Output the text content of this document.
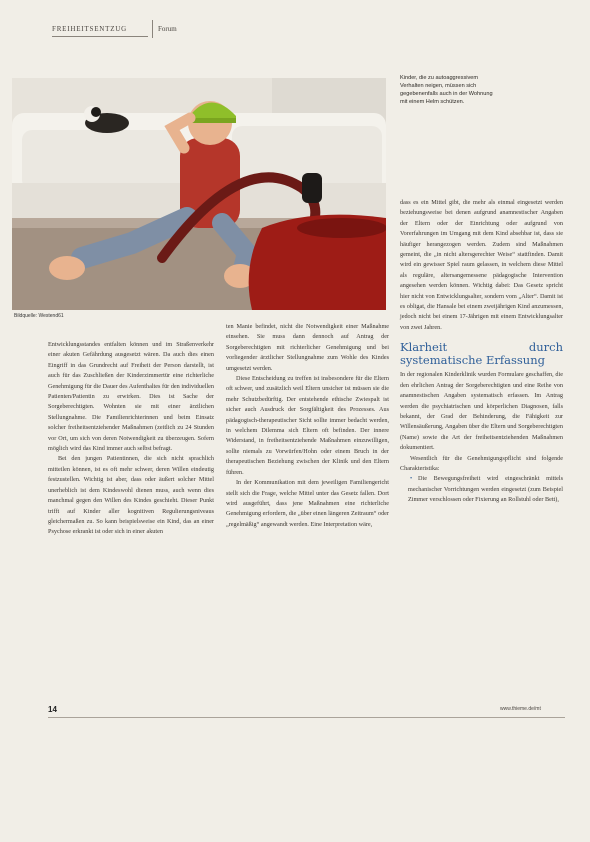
FREIHEITSENTZUG	Forum
Bildquelle: Westend61
Kinder, die zu autoaggressivem Verhalten neigen, müssen sich gegebenenfalls auch in der Wohnung mit einem Helm schützen.

Entwicklungsstandes entfalten können und im Straßenverkehr einer akuten Gefährdung ausgesetzt wären. Da auch dies einen Eingriff in das Grundrecht auf Freiheit der Person darstellt, ist auch für das Zuschließen der Kinderzimmertür eine richterliche Genehmigung für die Dauer des Aufenthaltes für den individuellen Patienten/Patientin zu erwirken. Dies ist Sache der Sorgeberechtigten. Wohnten sie mit einer ärztlichen Stellungnahme. Die Familienrichterinnen und beim Einsatz solcher freiheitsentziehender Maßnahmen (zeitlich zu 24 Stunden vor Ort, um sich von deren Notwendigkeit zu überzeugen. Sofern möglich wird das Kind immer auch selbst befragt.

Bei den jungen Patientinnen, die sich nicht sprachlich mitteilen können, ist es oft mehr schwer, deren Willen eindeutig festzustellen. Wichtig ist aber, dass oder äußert solcher Mittel unerheblich ist dem Kindeswohl dienen muss, auch wenn dies manchmal gegen den Willen des Kindes geschieht. Dieser Punkt trifft auf Kinder aller kognitiven Regulierungsniveaus gleichermaßen zu. So kann beispielsweise ein Kind, das an einer Psychose erkrankt ist oder sich in einer akuten

ten Manie befindet, nicht die Notwendigkeit einer Maßnahme einsehen. Sie muss dann dennoch auf Antrag der Sorgeberechtigten mit richterlicher Genehmigung und bei vorliegender ärztlicher Stellungnahme zum Wohle des Kindes umgesetzt werden.

Diese Entscheidung zu treffen ist insbesondere für die Eltern oft schwer, und zusätzlich weil Eltern unsicher ist müssen sie die mehr Schutzbedürftig. Der entstehende ethische Zwiespalt ist sicher auch Ausdruck der Sorgfältigkeit des Prozesses. Aus pädagogisch-therapeutischer Sicht sollte immer bedacht werden, in welchem Dilemma sich Eltern oft befinden. Der innere Widerstand, in freiheitsentziehende Maßnahmen einzuwilligen, sollte niemals zu Vorwürfen/Hohn oder einem Bruch in der therapeutischen Beziehung zwischen der Klinik und den Eltern führen.

In der Kommunikation mit dem jeweiligen Familiengericht stellt sich die Frage, welche Mittel unter das Gesetz fallen. Dort wird ausgeführt, dass jene Maßnahmen eine richterliche Genehmigung erfordern, die „über einen längeren Zeitraum“ oder „regelmäßig“ angewandt werden. Eine Interpretation wäre,

dass es ein Mittel gibt, die mehr als einmal eingesetzt werden beziehungsweise bei denen aufgrund anamnestischer Angaben der Eltern oder der Einrichtung oder aufgrund von Vorerfahrungen im Umgang mit dem Kind absehbar ist, dass sie häufiger herangezogen werden. Zudem sind Maßnahmen gemeint, die „in nicht altersgerechter Weise“ stattfinden. Damit wird ein gewisser Spiel raum gelassen, in welchem diese Mittel als reguläre, altersangemessene pädagogische Intervention angesehen werden können. Wichtig dabei: Das Gesetz spricht hier nicht von Entwicklungsalter, sondern vom „Alter“. Damit ist es obligat, die Hansale bei einem zweijährigen Kind anzumessen, jedoch nicht bei einem 17-Jährigen mit einem Entwicklungsalter von zwei Jahren.

Klarheit durch systematische Erfassung

In der regionalen Kinderklinik wurden Formulare geschaffen, die den ehrlichen Antrag der Sorgeberechtigten und eine Reihe von anamnestischen Angaben systematisch erfassen. Im Antrag werden die psychiatrischen und körperlichen Diagnosen, falls bekannt, der Grad der Behinderung, die Fähigkeit zur Willensäußerung, Angaben über die Eltern und Sorgeberechtigten (Name) sowie die Art der freiheitsentziehenden Maßnahmen dokumentiert.

Wesentlich für die Genehmigungspflicht sind folgende Charakteristika:

• Die Bewegungsfreiheit wird eingeschränkt mittels mechanischer Vorrichtungen werden eingesetzt (zum Beispiel Zimmer verschlossen oder Fixierung an Rollstuhl oder Bett),

14	www.thieme.de/mt
